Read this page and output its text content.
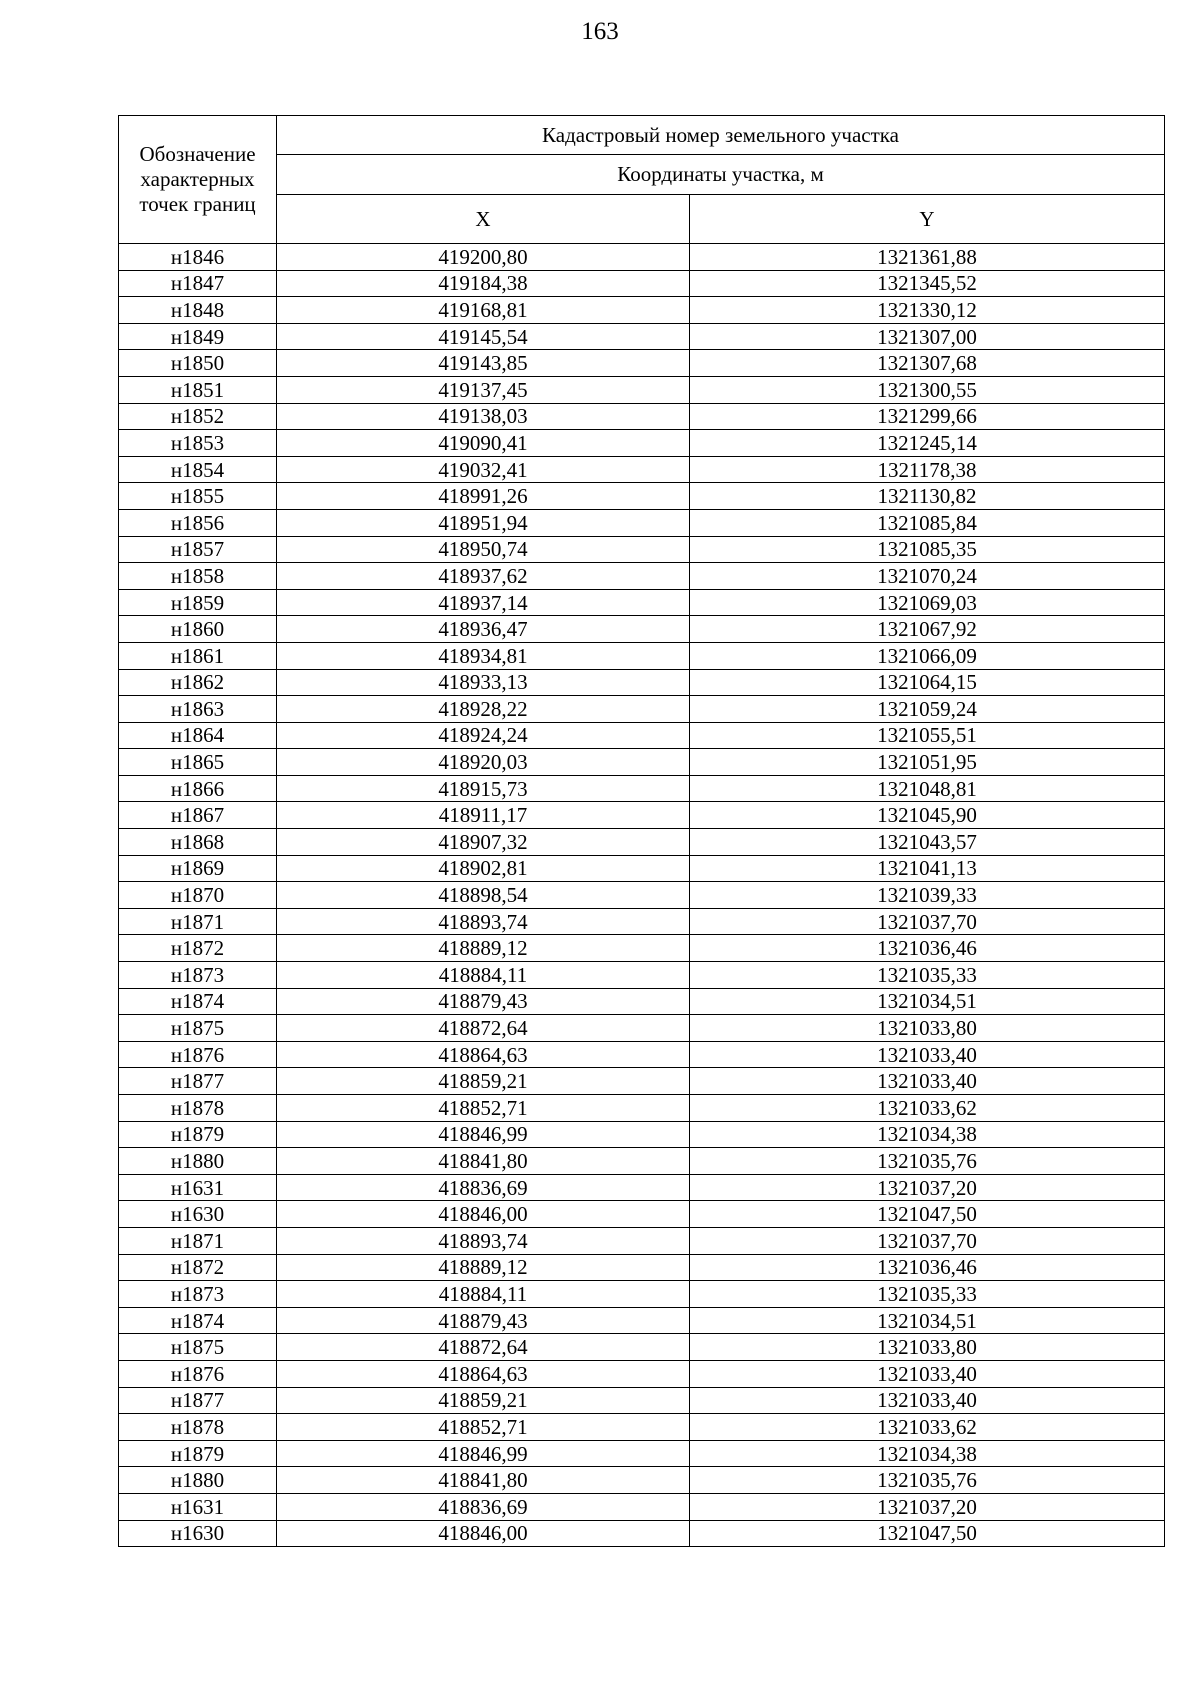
163
Обозначение
характерных
точек границ	Кадастровый номер земельного участка	
	Координаты участка, м	
	X	Y
н1846	419200,80	1321361,88
н1847	419184,38	1321345,52
н1848	419168,81	1321330,12
н1849	419145,54	1321307,00
н1850	419143,85	1321307,68
н1851	419137,45	1321300,55
н1852	419138,03	1321299,66
н1853	419090,41	1321245,14
н1854	419032,41	1321178,38
н1855	418991,26	1321130,82
н1856	418951,94	1321085,84
н1857	418950,74	1321085,35
н1858	418937,62	1321070,24
н1859	418937,14	1321069,03
н1860	418936,47	1321067,92
н1861	418934,81	1321066,09
н1862	418933,13	1321064,15
н1863	418928,22	1321059,24
н1864	418924,24	1321055,51
н1865	418920,03	1321051,95
н1866	418915,73	1321048,81
н1867	418911,17	1321045,90
н1868	418907,32	1321043,57
н1869	418902,81	1321041,13
н1870	418898,54	1321039,33
н1871	418893,74	1321037,70
н1872	418889,12	1321036,46
н1873	418884,11	1321035,33
н1874	418879,43	1321034,51
н1875	418872,64	1321033,80
н1876	418864,63	1321033,40
н1877	418859,21	1321033,40
н1878	418852,71	1321033,62
н1879	418846,99	1321034,38
н1880	418841,80	1321035,76
н1631	418836,69	1321037,20
н1630	418846,00	1321047,50
н1871	418893,74	1321037,70
н1872	418889,12	1321036,46
н1873	418884,11	1321035,33
н1874	418879,43	1321034,51
н1875	418872,64	1321033,80
н1876	418864,63	1321033,40
н1877	418859,21	1321033,40
н1878	418852,71	1321033,62
н1879	418846,99	1321034,38
н1880	418841,80	1321035,76
н1631	418836,69	1321037,20
н1630	418846,00	1321047,50
